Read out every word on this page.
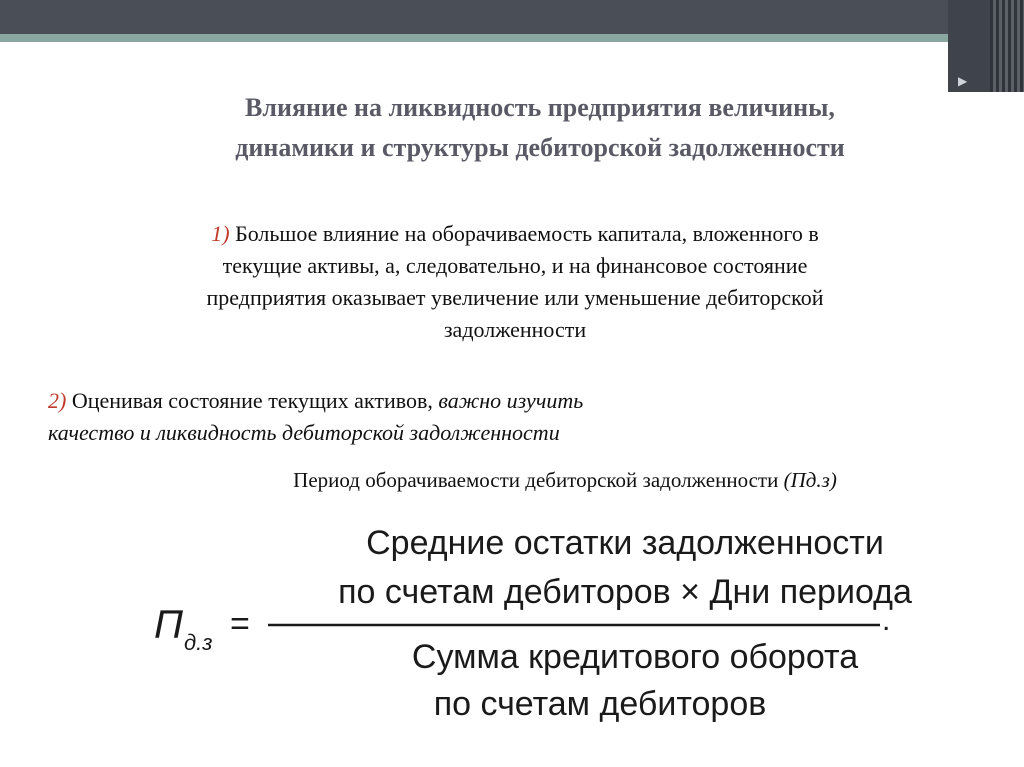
▶
Влияние на ликвидность предприятия величины,
динамики и структуры дебиторской задолженности
1) Большое влияние на оборачиваемость капитала, вложенного в
текущие активы, а, следовательно, и на финансовое состояние
предприятия оказывает увеличение или уменьшение дебиторской
задолженности
2) Оценивая состояние текущих активов, важно изучить
качество и ликвидность дебиторской задолженности
Период оборачиваемости дебиторской задолженности (Пд.з)
Средние остатки задолженности
по счетам дебиторов × Дни периода
Сумма кредитового оборота
по счетам дебиторов
П д.з =	.
